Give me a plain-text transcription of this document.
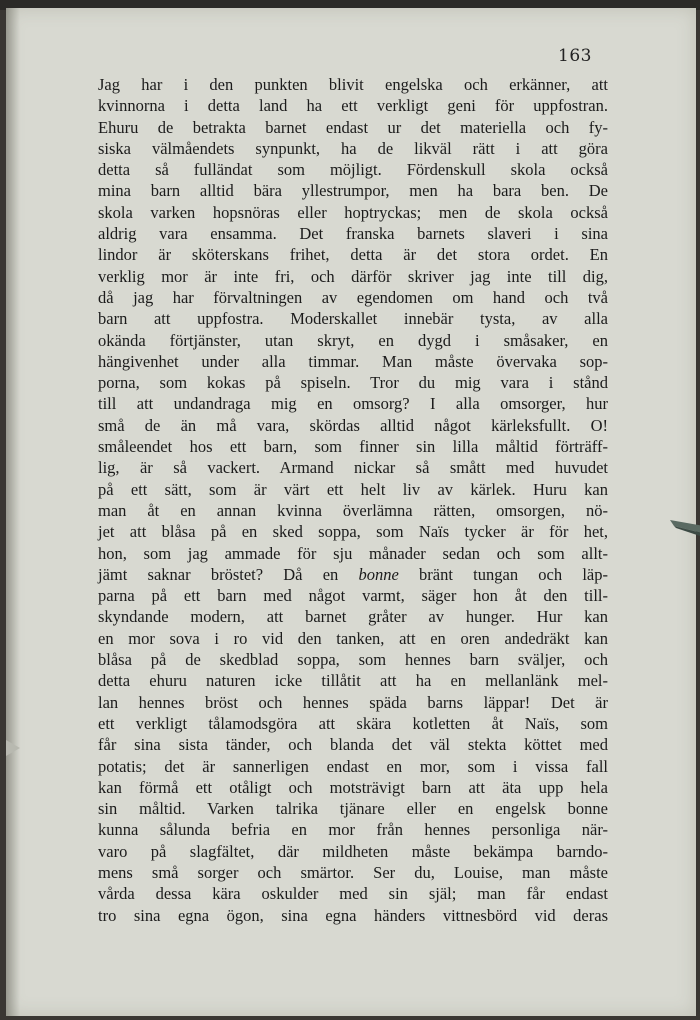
163
Jag har i den punkten blivit engelska och erkänner, att
kvinnorna i detta land ha ett verkligt geni för uppfostran.
Ehuru de betrakta barnet endast ur det materiella och fy-
siska välmåendets synpunkt, ha de likväl rätt i att göra
detta så fulländat som möjligt. Fördenskull skola också
mina barn alltid bära yllestrumpor, men ha bara ben. De
skola varken hopsnöras eller hoptryckas; men de skola också
aldrig vara ensamma. Det franska barnets slaveri i sina
lindor är sköterskans frihet, detta är det stora ordet. En
verklig mor är inte fri, och därför skriver jag inte till dig,
då jag har förvaltningen av egendomen om hand och två
barn att uppfostra. Moderskallet innebär tysta, av alla
okända förtjänster, utan skryt, en dygd i småsaker, en
hängivenhet under alla timmar. Man måste övervaka sop-
porna, som kokas på spiseln. Tror du mig vara i stånd
till att undandraga mig en omsorg? I alla omsorger, hur
små de än må vara, skördas alltid något kärleksfullt. O!
småleendet hos ett barn, som finner sin lilla måltid förträff-
lig, är så vackert. Armand nickar så smått med huvudet
på ett sätt, som är värt ett helt liv av kärlek. Huru kan
man åt en annan kvinna överlämna rätten, omsorgen, nö-
jet att blåsa på en sked soppa, som Naïs tycker är för het,
hon, som jag ammade för sju månader sedan och som allt-
jämt saknar bröstet? Då en bonne bränt tungan och läp-
parna på ett barn med något varmt, säger hon åt den till-
skyndande modern, att barnet gråter av hunger. Hur kan
en mor sova i ro vid den tanken, att en oren andedräkt kan
blåsa på de skedblad soppa, som hennes barn sväljer, och
detta ehuru naturen icke tillåtit att ha en mellanlänk mel-
lan hennes bröst och hennes späda barns läppar! Det är
ett verkligt tålamodsgöra att skära kotletten åt Naïs, som
får sina sista tänder, och blanda det väl stekta köttet med
potatis; det är sannerligen endast en mor, som i vissa fall
kan förmå ett otåligt och motsträvigt barn att äta upp hela
sin måltid. Varken talrika tjänare eller en engelsk bonne
kunna sålunda befria en mor från hennes personliga när-
varo på slagfältet, där mildheten måste bekämpa barndo-
mens små sorger och smärtor. Ser du, Louise, man måste
vårda dessa kära oskulder med sin själ; man får endast
tro sina egna ögon, sina egna händers vittnesbörd vid deras
